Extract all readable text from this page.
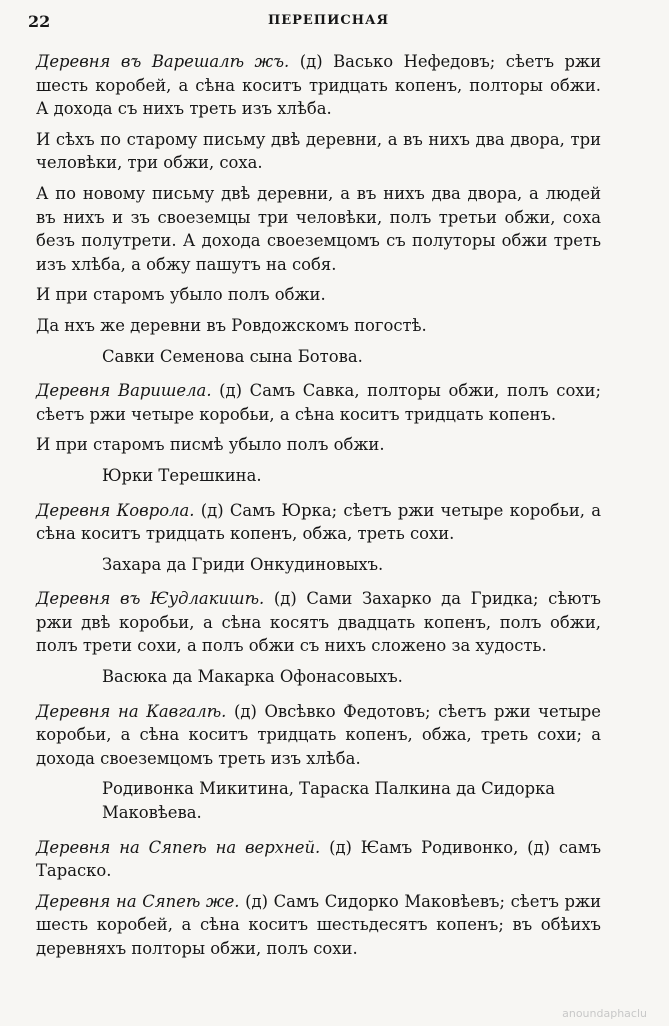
22	ПЕРЕПИСНАЯ

Деревня въ Варешалѣ жъ. (д) Васько Нефедовъ; сѣетъ ржи шесть коробей, а сѣна коситъ тридцать копенъ, полторы обжи. А дохода съ нихъ треть изъ хлѣба.

И сѣхъ по старому письму двѣ деревни, а въ нихъ два двора, три человѣки, три обжи, соха.

А по новому письму двѣ деревни, а въ нихъ два двора, а людей въ нихъ и зъ своеземцы три человѣки, полъ третьи обжи, соха безъ полутрети. А дохода своеземцомъ съ полуторы обжи треть изъ хлѣба, а обжу пашутъ на собя.

И при старомъ убыло полъ обжи.

Да нхъ же деревни въ Ровдожскомъ погостѣ.

Савки Семенова сына Ботова.

Деревня Варишела. (д) Самъ Савка, полторы обжи, полъ сохи; сѣетъ ржи четыре коробьи, а сѣна коситъ тридцать копенъ.

И при старомъ писмѣ убыло полъ обжи.

Юрки Терешкина.

Деревня Коврола. (д) Самъ Юрка; сѣетъ ржи четыре коробьи, а сѣна коситъ тридцать копенъ, обжа, треть сохи.

Захара да Гриди Онкудиновыхъ.

Деревня въ Ѥудлакишѣ. (д) Сами Захарко да Гридка; сѣютъ ржи двѣ коробьи, а сѣна косятъ двадцать копенъ, полъ обжи, полъ трети сохи, а полъ обжи съ нихъ сложено за худость.

Васюка да Макарка Офонасовыхъ.

Деревня на Кавгалѣ. (д) Овсѣвко Федотовъ; сѣетъ ржи четыре коробьи, а сѣна коситъ тридцать копенъ, обжа, треть сохи; а дохода своеземцомъ треть изъ хлѣба.

Родивонка Микитина, Тараска Палкина да Сидорка Маковѣева.

Деревня на Сяпеѣ на верхней. (д) Ѥамъ Родивонко, (д) самъ Тараско.

Деревня на Сяпеѣ же. (д) Самъ Сидорко Маковѣевъ; сѣетъ ржи шесть коробей, а сѣна коситъ шестьдесятъ копенъ; въ обѣихъ деревняхъ полторы обжи, полъ сохи.

anoundaphaclu
